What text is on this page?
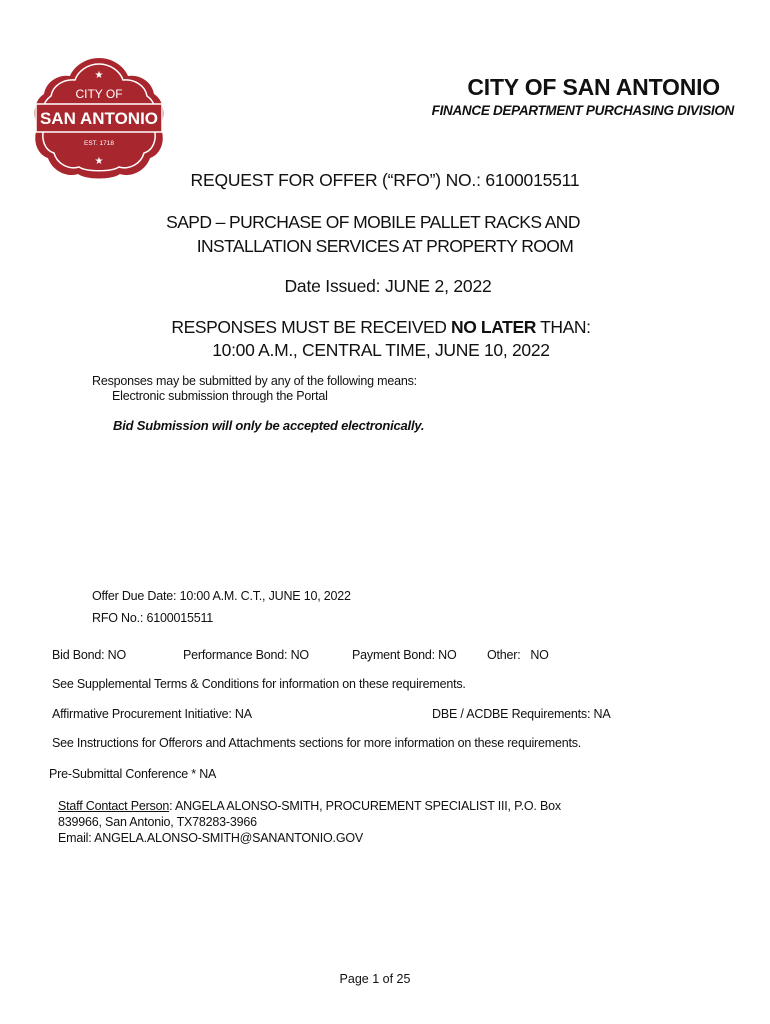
★
★
CITY OF
SAN ANTONIO
EST. 1718
CITY OF SAN ANTONIO
FINANCE DEPARTMENT PURCHASING DIVISION
REQUEST FOR OFFER (“RFO”) NO.: 6100015511
SAPD – PURCHASE OF MOBILE PALLET RACKS AND
INSTALLATION SERVICES AT PROPERTY ROOM
Date Issued: JUNE 2, 2022
RESPONSES MUST BE RECEIVED NO LATER THAN:
10:00 A.M., CENTRAL TIME, JUNE 10, 2022
Responses may be submitted by any of the following means:
Electronic submission through the Portal
Bid Submission will only be accepted electronically.
Offer Due Date: 10:00 A.M. C.T., JUNE 10, 2022
RFO No.: 6100015511
Bid Bond: NO	Performance Bond: NO	Payment Bond: NO Other:   NO
See Supplemental Terms & Conditions for information on these requirements.
Affirmative Procurement Initiative: NA	DBE / ACDBE Requirements: NA
See Instructions for Offerors and Attachments sections for more information on these requirements.
Pre-Submittal Conference * NA
Staff Contact Person: ANGELA ALONSO-SMITH, PROCUREMENT SPECIALIST III, P.O. Box
839966, San Antonio, TX78283-3966
Email: ANGELA.ALONSO-SMITH@SANANTONIO.GOV
Page 1 of 25
